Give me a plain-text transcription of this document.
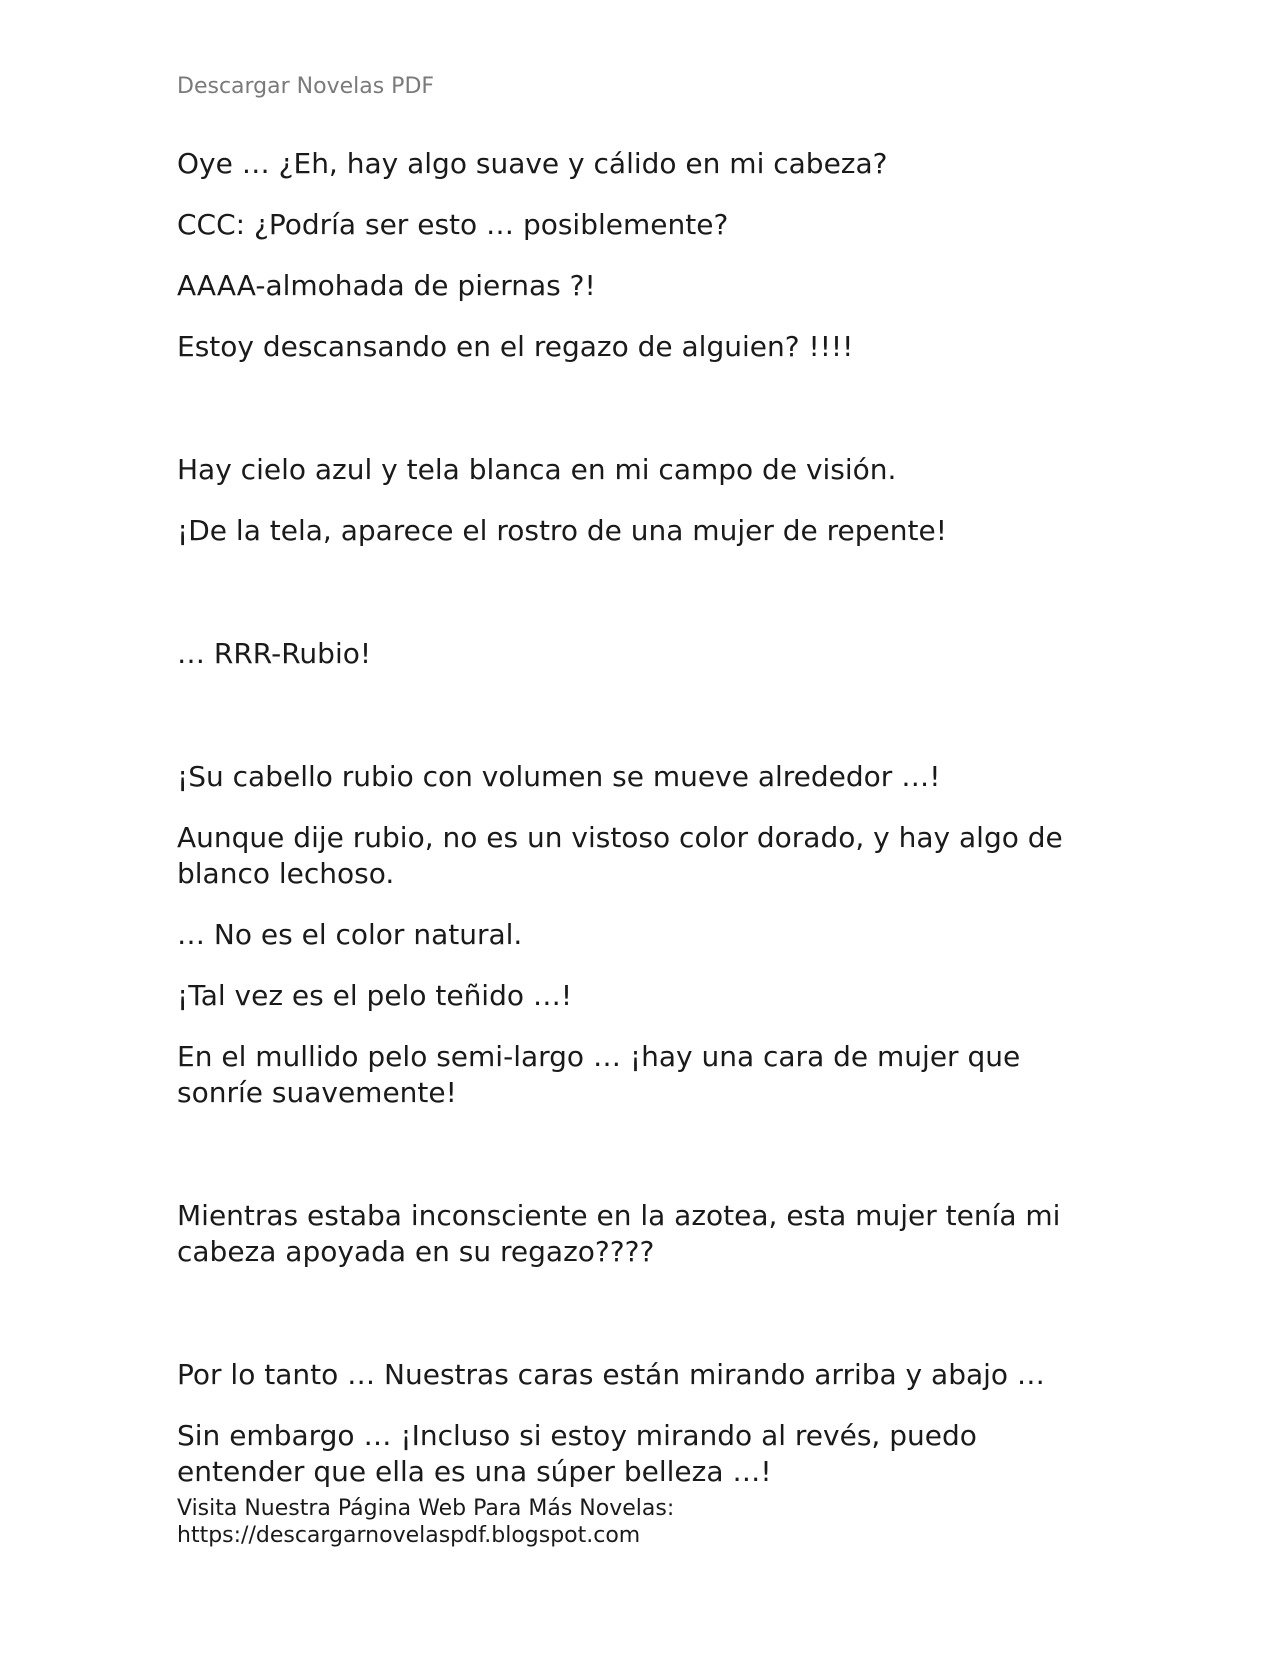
Descargar Novelas PDF

Oye … ¿Eh, hay algo suave y cálido en mi cabeza?

CCC: ¿Podría ser esto … posiblemente?

AAAA-almohada de piernas ?!

Estoy descansando en el regazo de alguien? !!!!

Hay cielo azul y tela blanca en mi campo de visión.

¡De la tela, aparece el rostro de una mujer de repente!

… RRR-Rubio!

¡Su cabello rubio con volumen se mueve alrededor …!

Aunque dije rubio, no es un vistoso color dorado, y hay algo de blanco lechoso.

… No es el color natural.

¡Tal vez es el pelo teñido …!

En el mullido pelo semi-largo … ¡hay una cara de mujer que sonríe suavemente!

Mientras estaba inconsciente en la azotea, esta mujer tenía mi cabeza apoyada en su regazo????

Por lo tanto … Nuestras caras están mirando arriba y abajo …

Sin embargo … ¡Incluso si estoy mirando al revés, puedo entender que ella es una súper belleza …!

Visita Nuestra Página Web Para Más Novelas:
https://descargarnovelaspdf.blogspot.com
